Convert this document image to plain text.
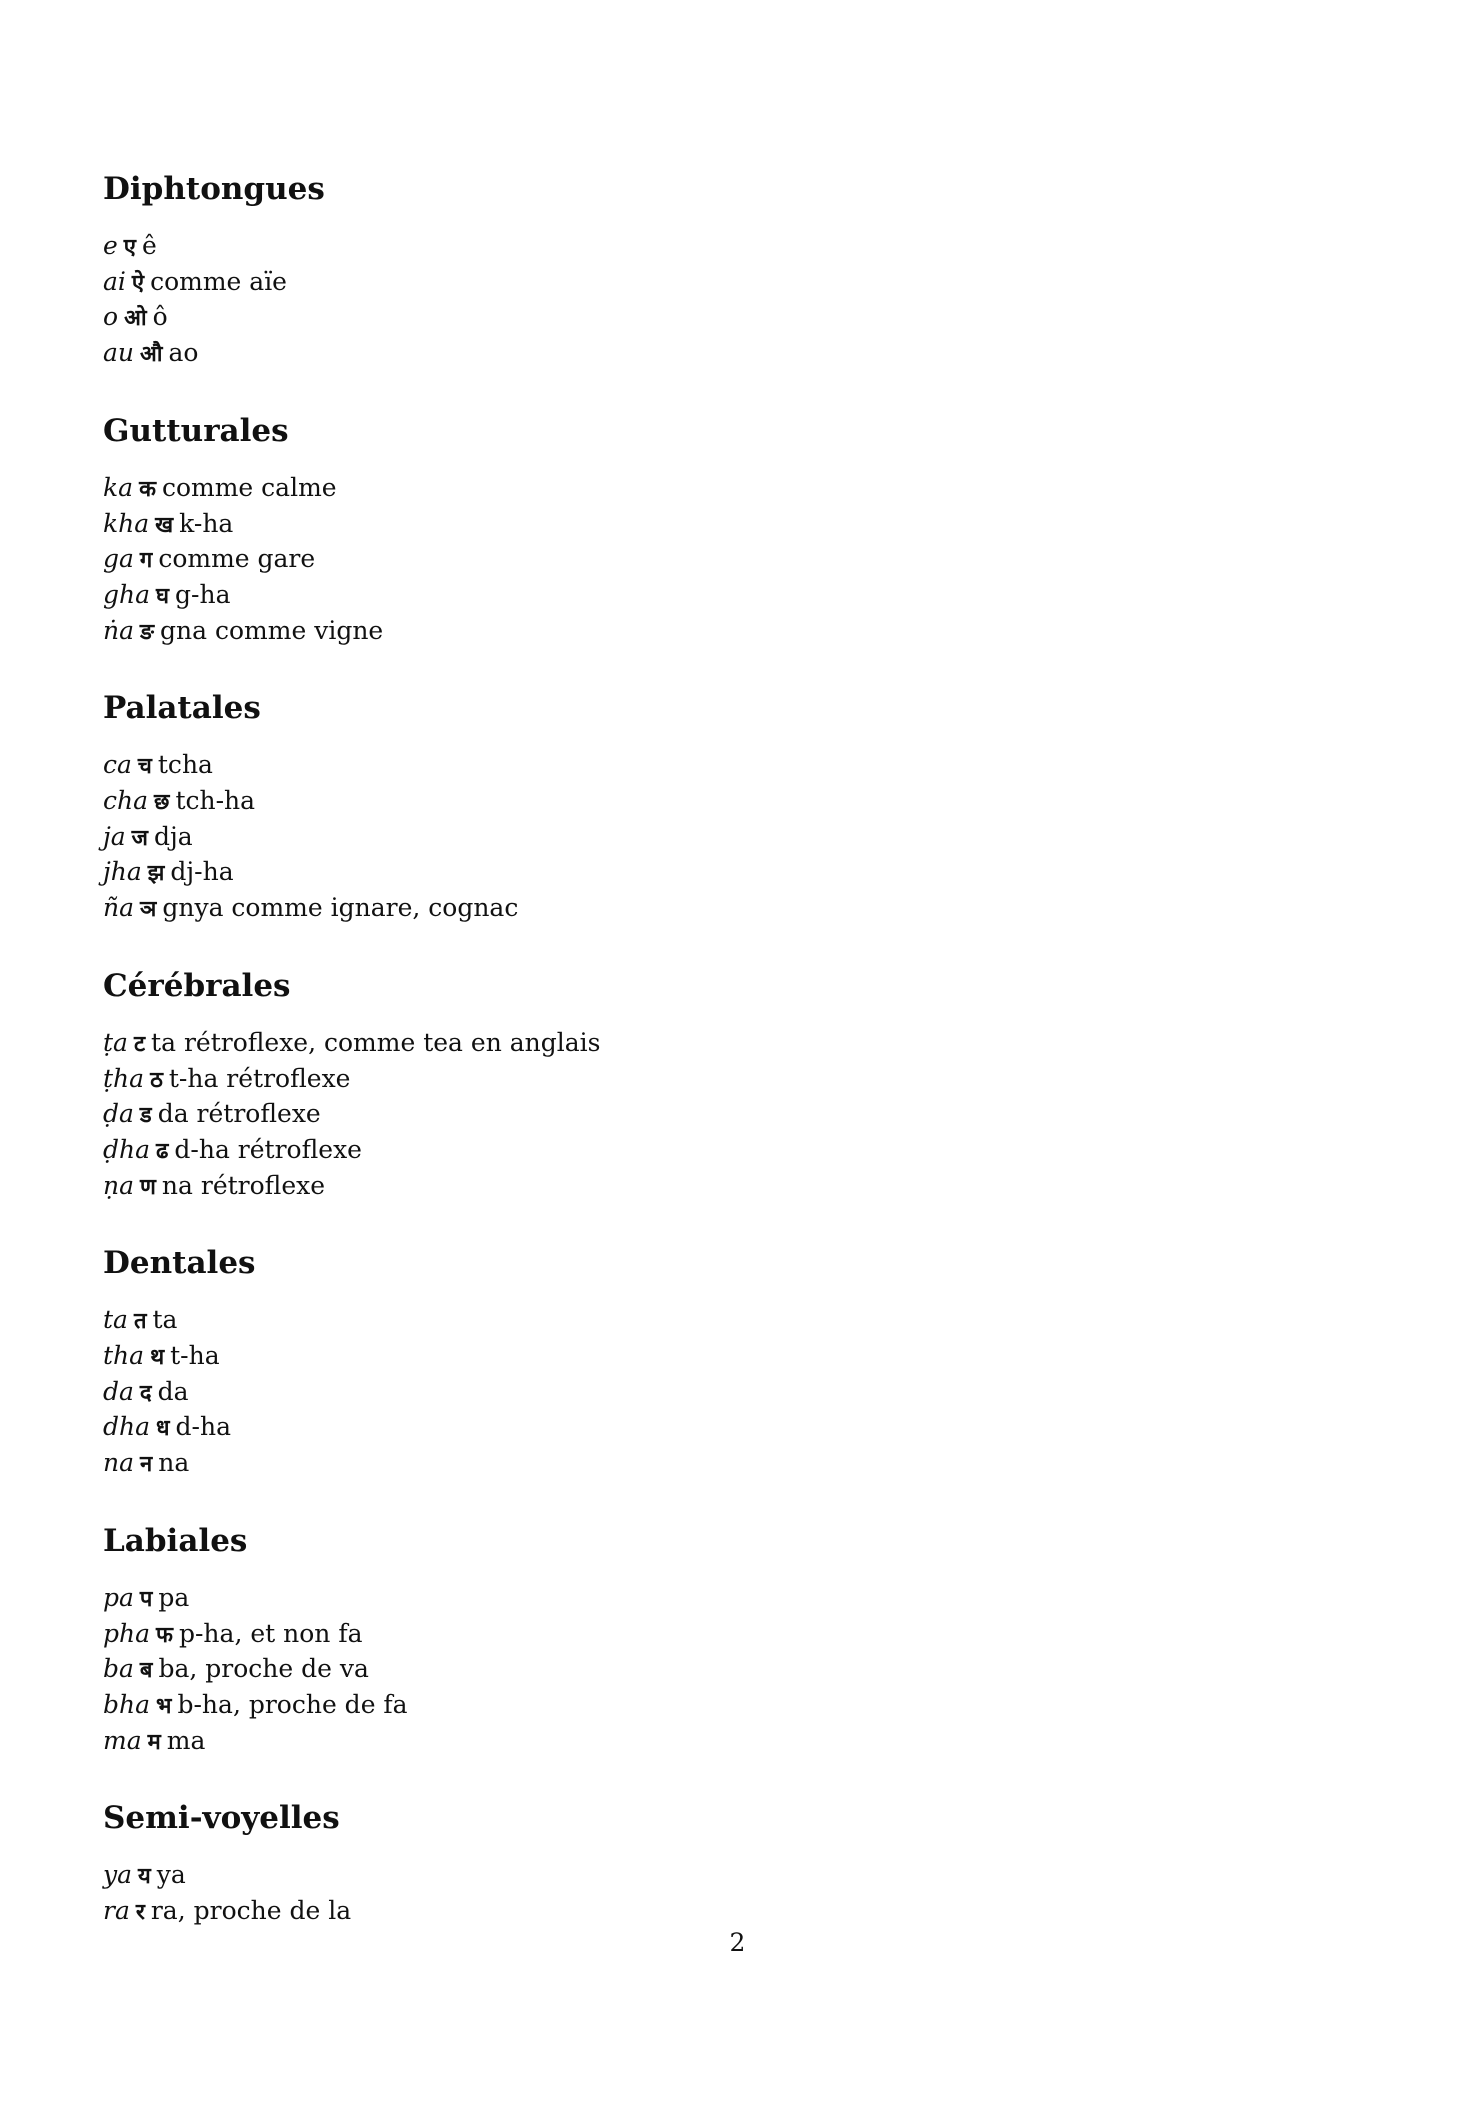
Diphtongues
e ए ê
ai ऐ comme aïe
o ओ ô
au औ ao
Gutturales
ka क comme calme
kha ख k-ha
ga ग comme gare
gha घ g-ha
ṅa ङ gna comme vigne
Palatales
ca च tcha
cha छ tch-ha
ja ज dja
jha झ dj-ha
ña ञ gnya comme ignare, cognac
Cérébrales
ṭa ट ta rétroflexe, comme tea en anglais
ṭha ठ t-ha rétroflexe
ḍa ड da rétroflexe
ḍha ढ d-ha rétroflexe
ṇa ण na rétroflexe
Dentales
ta त ta
tha थ t-ha
da द da
dha ध d-ha
na न na
Labiales
pa प pa
pha फ p-ha, et non fa
ba ब ba, proche de va
bha भ b-ha, proche de fa
ma म ma
Semi-voyelles
ya य ya
ra र ra, proche de la
2
